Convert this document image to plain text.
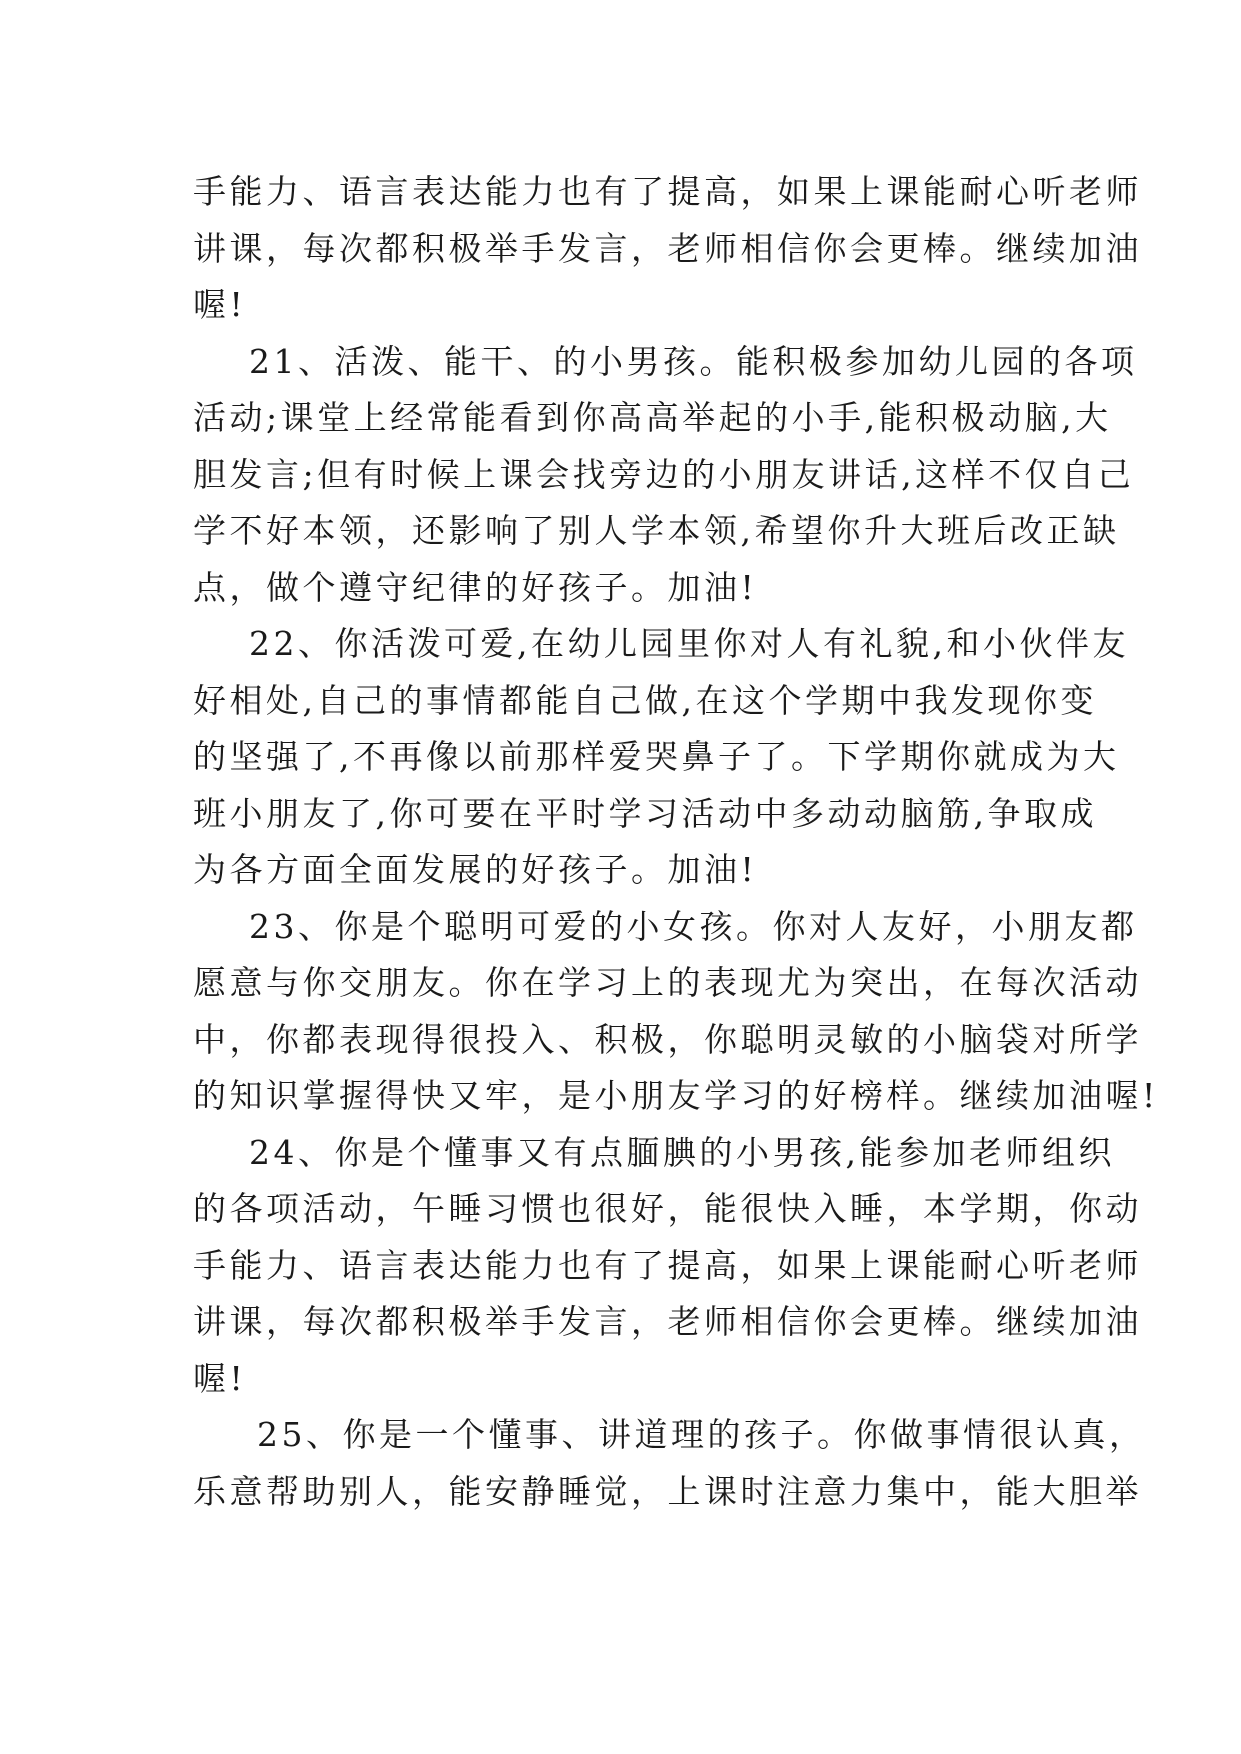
手能力、语言表达能力也有了提高，如果上课能耐心听老师
讲课，每次都积极举手发言，老师相信你会更棒。继续加油
喔!
21、活泼、能干、的小男孩。能积极参加幼儿园的各项
活动;课堂上经常能看到你高高举起的小手,能积极动脑,大
胆发言;但有时候上课会找旁边的小朋友讲话,这样不仅自己
学不好本领，还影响了别人学本领,希望你升大班后改正缺
点，做个遵守纪律的好孩子。加油!
22、你活泼可爱,在幼儿园里你对人有礼貌,和小伙伴友
好相处,自己的事情都能自己做,在这个学期中我发现你变
的坚强了,不再像以前那样爱哭鼻子了。下学期你就成为大
班小朋友了,你可要在平时学习活动中多动动脑筋,争取成
为各方面全面发展的好孩子。加油!
23、你是个聪明可爱的小女孩。你对人友好，小朋友都
愿意与你交朋友。你在学习上的表现尤为突出，在每次活动
中，你都表现得很投入、积极，你聪明灵敏的小脑袋对所学
的知识掌握得快又牢，是小朋友学习的好榜样。继续加油喔!
24、你是个懂事又有点腼腆的小男孩,能参加老师组织
的各项活动，午睡习惯也很好，能很快入睡，本学期，你动
手能力、语言表达能力也有了提高，如果上课能耐心听老师
讲课，每次都积极举手发言，老师相信你会更棒。继续加油
喔!
25、你是一个懂事、讲道理的孩子。你做事情很认真，
乐意帮助别人，能安静睡觉，上课时注意力集中，能大胆举
